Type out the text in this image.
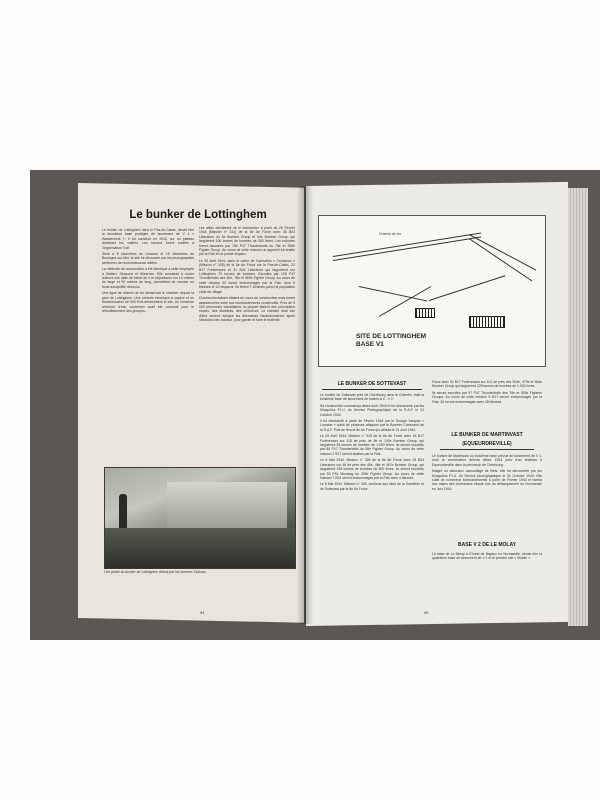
Le bunker de Lottinghem

Le bunker de Lottinghem dans le Pas-de-Calais, devait être la deuxième base protégée de lancement de V 1 « Wasserwerk ». Il fut construit en 1943, sur un plateau dominant les vallées. Les travaux furent confiés à l'organisation Todt.

Situé à 8 kilomètres de Desvres et 15 kilomètres de Boulogne-sur-Mer, le site fut découvert par les photographies aériennes de reconnaissance alliées.

La méthode de construction a été identique à celle employée à Watten, Siracourt et Wizernes. Elle consistait à couler d'abord une dalle de béton de 4 m d'épaisseur sur 10 mètres de large et 90 mètres de long, permettant de creuser en toute tranquillité dessous.

Une ligne de chemin de fer desservait le chantier, depuis la gare de Lottinghem. Une centrale électrique à vapeur et un transformateur de 300 KVA alimentaient le site. Un immense réservoir d'eau souterrain avait été construit pour le refroidissement des groupes.

Les alliés décidèrent de le bombarder à partir du 26 Février 1944 (Mission n° 241) de la 8e Air Force avec 36 B24 Liberators du 2e Bomber Group et 44e Bomber Group, qui larguèrent 106 tonnes de bombes de 500 livres. Les escortes furent assurées par 78e P47 Thunderbolts du 78e et 356e Fighter Group. Au cours de cette mission un appareil fut abattu par la Flak et un pointé disparu.

Le 30 Avril 1944, dans le cadre de l'opération « Crossbow » (Mission n° 335) de la 8e Air Force sur le Pas-de-Calais, 22 B17 Forteresses et 31 B24 Liberators qui larguèrent sur Lottinghem 79 tonnes de bombes. Escortés par 126 P47 Thunderbolts des 56e, 78e et 353e Fighter Group. Au cours de cette mission 82 furent endommagés par la Flak, dont 6 blessés et 10 disparus. Ils ferent 7 victimes parmi la population civile du village.

D'autres fondations étaient en cours de construction mais furent abandonnées suite aux bombardements consécutifs. Près de 5 000 personnes travaillaient, la plupart étaient des prisonniers russes, des étudiants, des chômeurs. Le chantier était loin d'être achevé lorsque les Allemands l'abandonnèrent après l'abandon des travaux, pour garder et faire le matériel.

Une partie du bunker de Lottinghem détruit par les bombes Tallboys
94
Chemin de fer
SITE DE LOTTINGHEM
BASE V1
LE BUNKER DE SOTTEVAST

Le bunker de Sottevast près de Cherbourg dans le Cotentin, était la troisième base de lancement de fusées A 4 - V 2.

Sa construction commença début Août 1943 et fut découverte par les Mosquitos P.I.U. du Service Photographique de la R.A.F. le 31 Octobre 1943.

Il fut bombardé à partir de Février 1944 par le Groupe français « Lorraine » suivit de plusieurs attaques par le Bomber Command de la R.A.F. Puis se fera la 8e Air Force qui débuta le 21 Avril 1944.

Le 26 Avril 1944, Mission n° 325 de la 8e Air Force avec 16 B17 Forteresses sur 118 de près de 8e et 100e Bomber Group, qui larguèrent 94 tonnes de bombes de 1.000 livres. Ils seront escortés par 80 P47 Thunderbolts du 56e Fighter Group. Au cours de cette mission 2 B17 seront abattus par la Flak.

Le 6 Mai 1944, Mission n° 328 de la 8e Air Force avec 33 B24 Liberators sur 46 de près des 45e, 46e et 467e Bomber Group, qui larguèrent 155 tonnes de bombes de 500 livres. Ils seront escortés par 52 P51 Mustang du 339e Fighter Group. Au cours de cette mission 7 B24 seront endommagés par la Flak avec 4 blessés.

Le 8 Mai 1944, Mission n° 345, continue aux sites de la Sorellerie et de Sottevast par la 8e Air Force.

Force avec 92 B17 Forteresses sur 101 de près des 303e, 379e et 384e Bomber Group qui larguèrent 228 tonnes de bombes de 1.000 livres.

Ils seront escortés par 97 P47 Thunderbolts des 78e et 353e Fighters Groups. Au cours de cette mission 5 B17 seront endommagés par la Flak, 36 seront endommagés avec 28 blessés.

LE BUNKER DE MARTINVAST
(EQUEURDREVILLE)

Le bunker de Martinvast ou troisième base prévue de lancement de V 1, dont la construction débuta début 1943 près d'un château à Equeurdreville dans la péninsule de Cherbourg.

Malgré un astucieux camouflage de filets, elle fut découverte par les Mosquitos P.I.U. du Service photographique le 31 Octobre 1943. Elle subit de nombreux bombardements à partir de Février 1944 et tomba aux mains des Américains intacte lors du débarquement en Normandie en Juin 1944.

BASE V 2 DE LE MOLAY

La base de Le Molay à l'Ouest de Bayeux en Normandie, devait être la quatrième base de lancement de V 2 et le premier site « Mobile ».

95
